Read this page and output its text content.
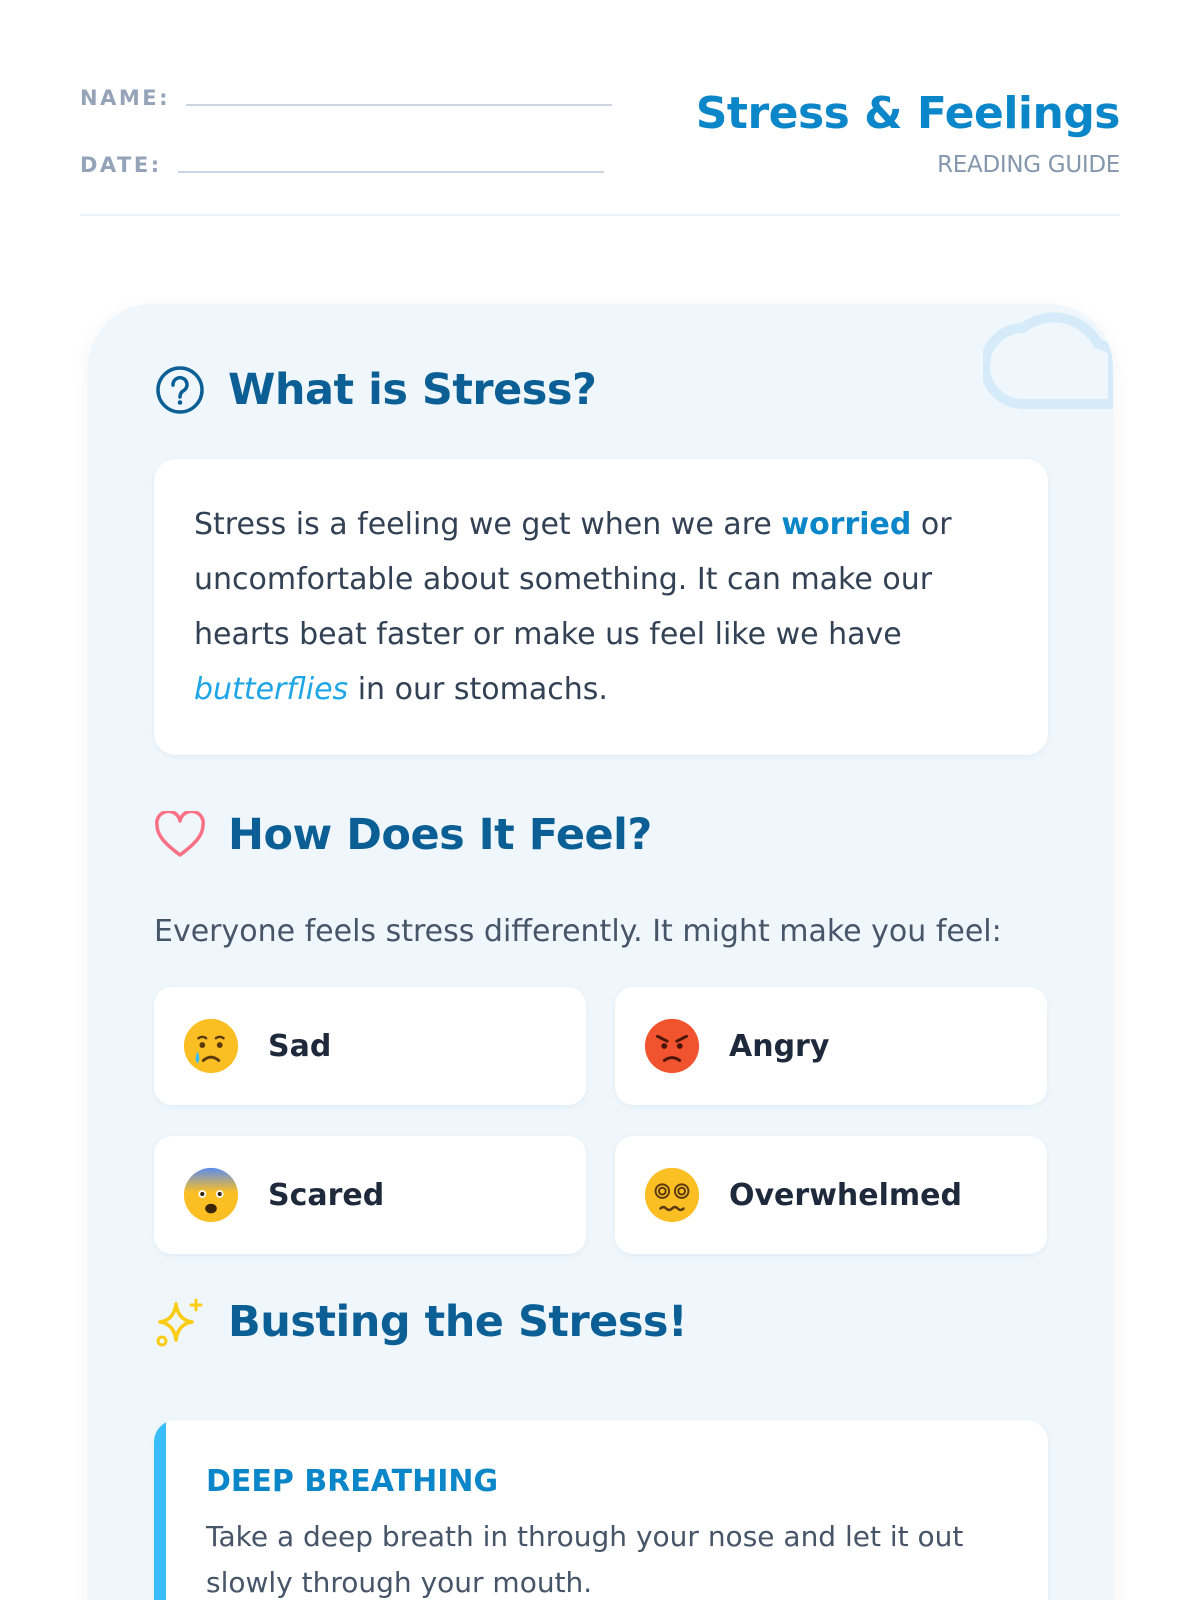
NAME:
DATE:
Stress & Feelings
READING GUIDE
What is Stress?
Stress is a feeling we get when we are worried or uncomfortable about something. It can make our hearts beat faster or make us feel like we have butterflies in our stomachs.
How Does It Feel?
Everyone feels stress differently. It might make you feel:
Sad	Angry
Scared	Overwhelmed
Busting the Stress!
DEEP BREATHING

Take a deep breath in through your nose and let it out slowly through your mouth.
